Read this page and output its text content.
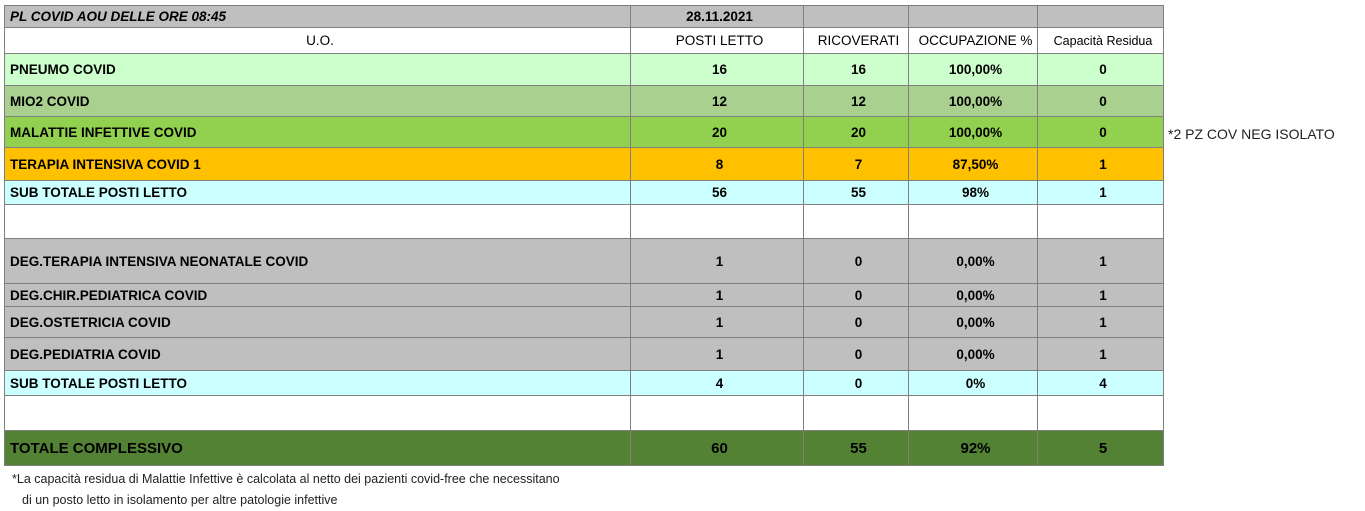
PL COVID AOU DELLE ORE 08:45	28.11.2021			
U.O.	POSTI LETTO	RICOVERATI	OCCUPAZIONE %	Capacità Residua
PNEUMO COVID	16	16	100,00%	0
MIO2 COVID	12	12	100,00%	0
MALATTIE INFETTIVE COVID	20	20	100,00%	0
TERAPIA INTENSIVA COVID 1	8	7	87,50%	1
SUB TOTALE POSTI LETTO	56	55	98%	1

DEG.TERAPIA INTENSIVA NEONATALE COVID	1	0	0,00%	1
DEG.CHIR.PEDIATRICA COVID	1	0	0,00%	1
DEG.OSTETRICIA COVID	1	0	0,00%	1
DEG.PEDIATRIA COVID	1	0	0,00%	1
SUB TOTALE POSTI LETTO	4	0	0%	4

TOTALE COMPLESSIVO	60	55	92%	5
*2 PZ COV NEG ISOLATO
*La capacità residua di Malattie Infettive è calcolata al netto dei pazienti covid-free che necessitano
di un posto letto in isolamento per altre patologie infettive
